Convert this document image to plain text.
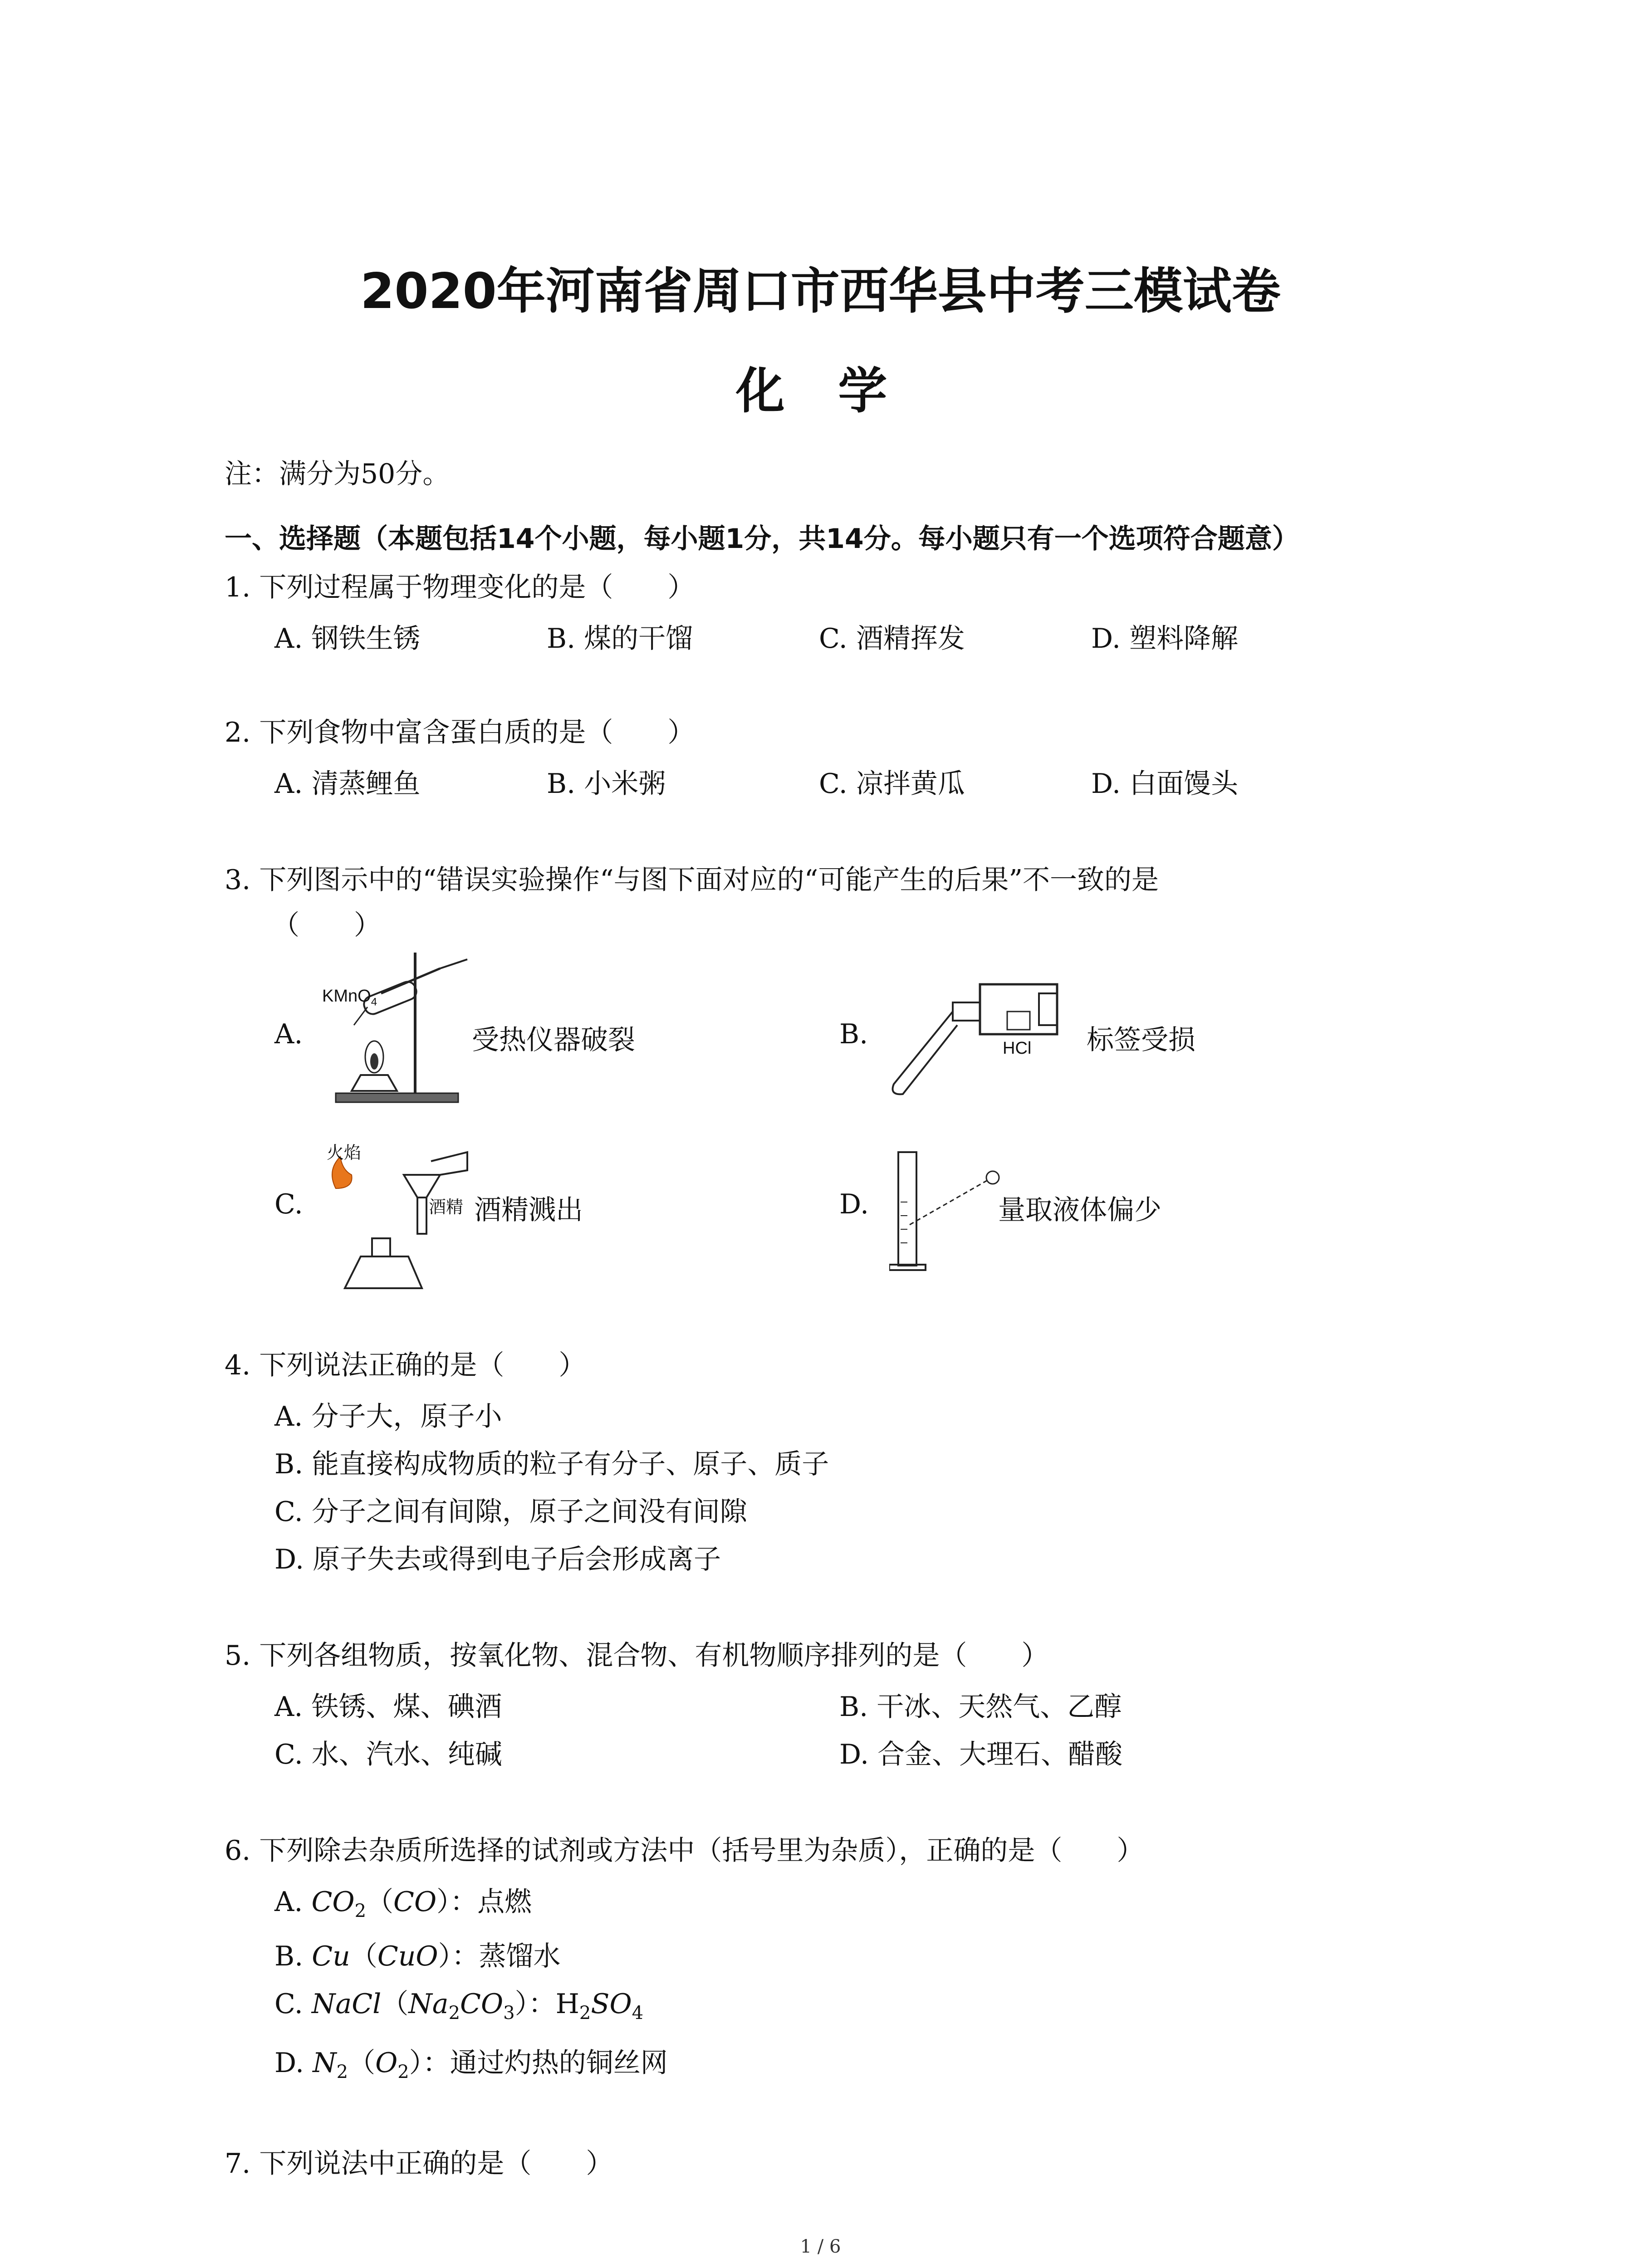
2020年河南省周口市西华县中考三模试卷
化 学
注：满分为50分。
一、选择题（本题包括14个小题，每小题1分，共14分。每小题只有一个选项符合题意）
1. 下列过程属于物理变化的是（　　）
A. 钢铁生锈	B. 煤的干馏	C. 酒精挥发	D. 塑料降解
2. 下列食物中富含蛋白质的是（　　）
A. 清蒸鲤鱼	B. 小米粥	C. 凉拌黄瓜	D. 白面馒头
3. 下列图示中的“错误实验操作“与图下面对应的“可能产生的后果”不一致的是
（　　）
A.	B.
C.	D.
KMnO$_4$
受热仪器破裂	HCl 标签受损
火焰
酒精 酒精溅出	量取液体偏少
4. 下列说法正确的是（　　）
A. 分子大，原子小
B. 能直接构成物质的粒子有分子、原子、质子
C. 分子之间有间隙，原子之间没有间隙
D. 原子失去或得到电子后会形成离子
5. 下列各组物质，按氧化物、混合物、有机物顺序排列的是（　　）
A. 铁锈、煤、碘酒	B. 干冰、天然气、乙醇
C. 水、汽水、纯碱	D. 合金、大理石、醋酸
6. 下列除去杂质所选择的试剂或方法中（括号里为杂质），正确的是（　　）
A. $CO_2(CO)$：点燃
B. Cu（CuO）：蒸馏水
C. $NaCl(Na_2CO_3)$：$H_2SO_4$
D. $N_2(O_2)$：通过灼热的铜丝网
7. 下列说法中正确的是（　　）
1 / 6
